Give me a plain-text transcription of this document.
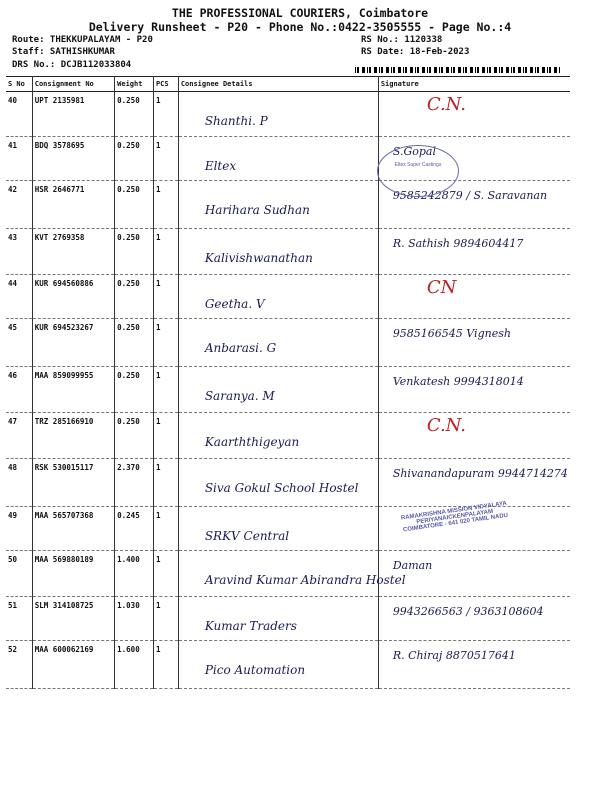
THE PROFESSIONAL COURIERS, Coimbatore
Delivery Runsheet - P20 - Phone No.:0422-3505555 - Page No.:4
Route: THEKKUPALAYAM - P20
Staff: SATHISHKUMAR
DRS No.: DCJB112033804
RS No.: 1120338
RS Date: 18-Feb-2023
S No	Consignment No	Weight	PCS	Consignee Details	Signature
40	UPT 2135981	0.250	1	Shanthi. P	C.N.

41	BDQ 3578695	0.250	1	Eltex	S.Gopal

42	HSR 2646771	0.250	1	Harihara Sudhan	9585242879 / S. Saravanan

43	KVT 2769358	0.250	1	Kalivishwanathan	R. Sathish 9894604417

44	KUR 694560886	0.250	1	Geetha. V	CN

45	KUR 694523267	0.250	1	Anbarasi. G	9585166545 Vignesh

46	MAA 859099955	0.250	1	Saranya. M	Venkatesh 9994318014

47	TRZ 285166910	0.250	1	Kaarththigeyan	C.N.

48	RSK 530015117	2.370	1	Siva Gokul School Hostel	Shivanandapuram 9944714274

49	MAA 565707368	0.245	1	SRKV Central	

50	MAA 569880189	1.400	1	Aravind Kumar Abirandra Hostel	Daman

51	SLM 314108725	1.030	1	Kumar Traders	9943266563 / 9363108604

52	MAA 600062169	1.600	1	Pico Automation	R. Chiraj 8870517641
Eltex Super Castings
RAMAKRISHNA MISSION VIDYALAYA PERIYANAICKENPALAYAM COIMBATORE - 641 020 TAMIL NADU
